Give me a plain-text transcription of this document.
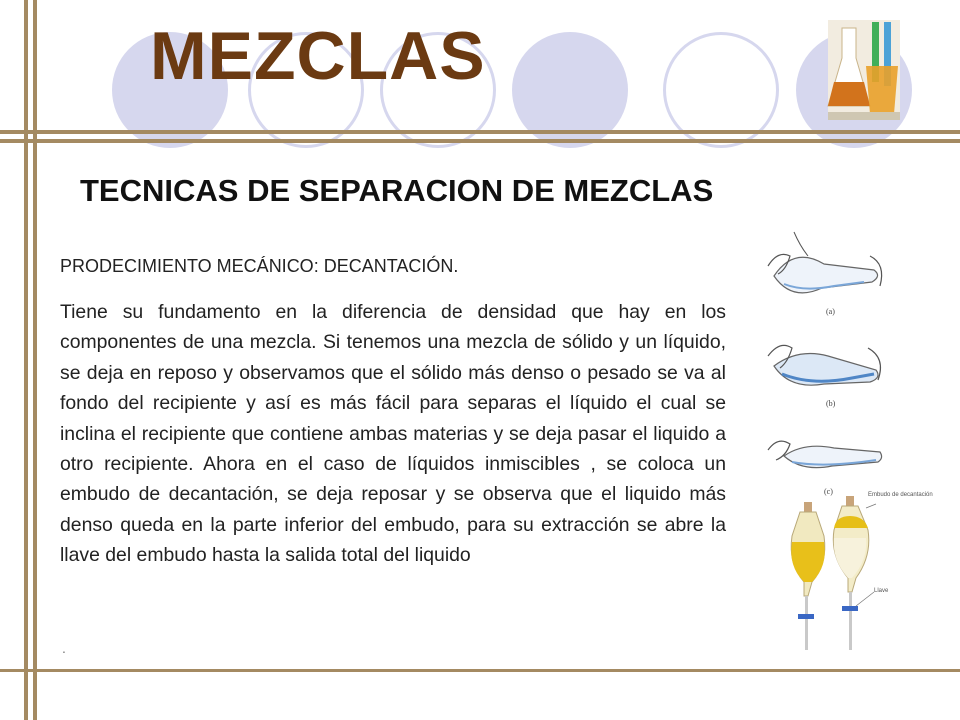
MEZCLAS
TECNICAS DE SEPARACION DE MEZCLAS
PRODECIMIENTO MECÁNICO: DECANTACIÓN.
Tiene su fundamento en la diferencia de densidad que hay en los componentes de una mezcla. Si tenemos una mezcla de sólido y un líquido, se deja en reposo y observamos que el sólido más denso o pesado se va al fondo del recipiente y así es más fácil para separas el líquido el cual se inclina el recipiente que contiene ambas materias y se deja pasar el liquido a otro recipiente. Ahora en el caso de líquidos inmiscibles , se coloca un embudo de decantación, se deja reposar y se observa que el liquido más denso queda en la parte inferior del embudo, para su extracción se abre la llave del embudo hasta la salida total del liquido
.
(a)
(b)
(c)	Embudo de decantación
Llave
